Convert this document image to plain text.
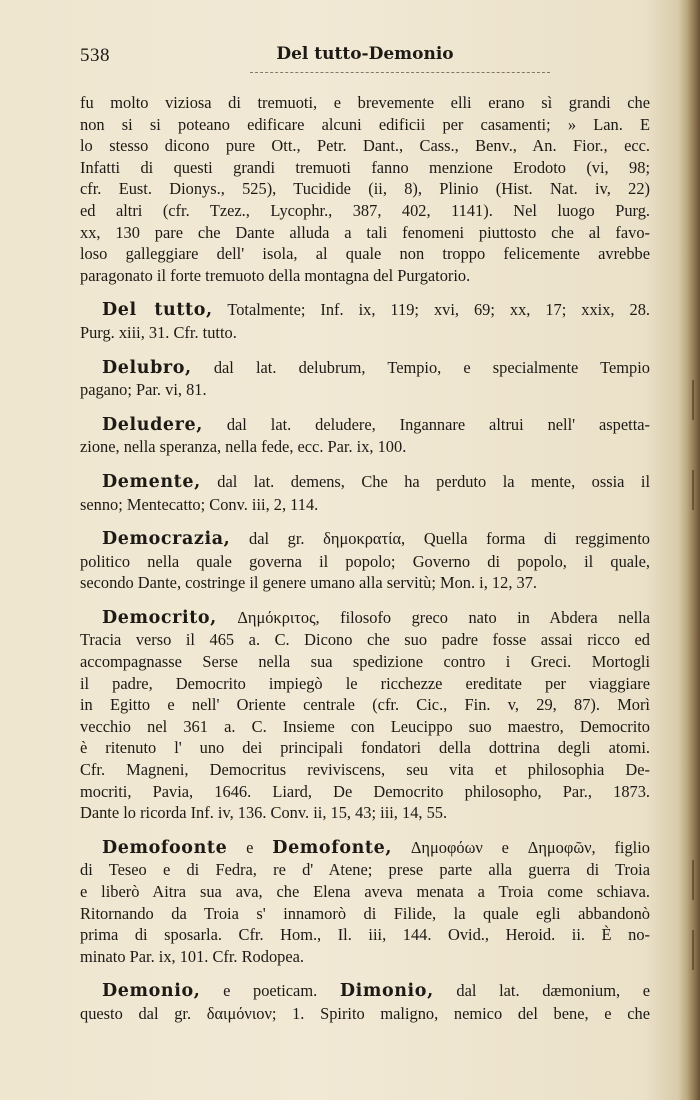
538	Del tutto-Demonio
fu molto viziosa di tremuoti, e brevemente elli erano sì grandi che
non si si poteano edificare alcuni edificii per casamenti; » Lan. E
lo stesso dicono pure Ott., Petr. Dant., Cass., Benv., An. Fior., ecc.
Infatti di questi grandi tremuoti fanno menzione Erodoto (vi, 98;
cfr. Eust. Dionys., 525), Tucidide (ii, 8), Plinio (Hist. Nat. iv, 22)
ed altri (cfr. Tzez., Lycophr., 387, 402, 1141). Nel luogo Purg.
xx, 130 pare che Dante alluda a tali fenomeni piuttosto che al favo-
loso galleggiare dell' isola, al quale non troppo felicemente avrebbe
paragonato il forte tremuoto della montagna del Purgatorio.
Del tutto, Totalmente; Inf. ix, 119; xvi, 69; xx, 17; xxix, 28.
Purg. xiii, 31. Cfr. tutto.
Delubro, dal lat. delubrum, Tempio, e specialmente Tempio
pagano; Par. vi, 81.
Deludere, dal lat. deludere, Ingannare altrui nell' aspetta-
zione, nella speranza, nella fede, ecc. Par. ix, 100.
Demente, dal lat. demens, Che ha perduto la mente, ossia il
senno; Mentecatto; Conv. iii, 2, 114.
Democrazia, dal gr. δημοκρατία, Quella forma di reggimento
politico nella quale governa il popolo; Governo di popolo, il quale,
secondo Dante, costringe il genere umano alla servitù; Mon. i, 12, 37.
Democrito, Δημόκριτος, filosofo greco nato in Abdera nella
Tracia verso il 465 a. C. Dicono che suo padre fosse assai ricco ed
accompagnasse Serse nella sua spedizione contro i Greci. Mortogli
il padre, Democrito impiegò le ricchezze ereditate per viaggiare
in Egitto e nell' Oriente centrale (cfr. Cic., Fin. v, 29, 87). Morì
vecchio nel 361 a. C. Insieme con Leucippo suo maestro, Democrito
è ritenuto l' uno dei principali fondatori della dottrina degli atomi.
Cfr. Magneni, Democritus reviviscens, seu vita et philosophia De-
mocriti, Pavia, 1646. Liard, De Democrito philosopho, Par., 1873.
Dante lo ricorda Inf. iv, 136. Conv. ii, 15, 43; iii, 14, 55.
Demofoonte e Demofonte, Δημοφόων e Δημοφῶν, figlio
di Teseo e di Fedra, re d' Atene; prese parte alla guerra di Troia
e liberò Aitra sua ava, che Elena aveva menata a Troia come schiava.
Ritornando da Troia s' innamorò di Filide, la quale egli abbandonò
prima di sposarla. Cfr. Hom., Il. iii, 144. Ovid., Heroid. ii. È no-
minato Par. ix, 101. Cfr. Rodopea.
Demonio, e poeticam. Dimonio, dal lat. dæmonium, e
questo dal gr. δαιμόνιον; 1. Spirito maligno, nemico del bene, e che
